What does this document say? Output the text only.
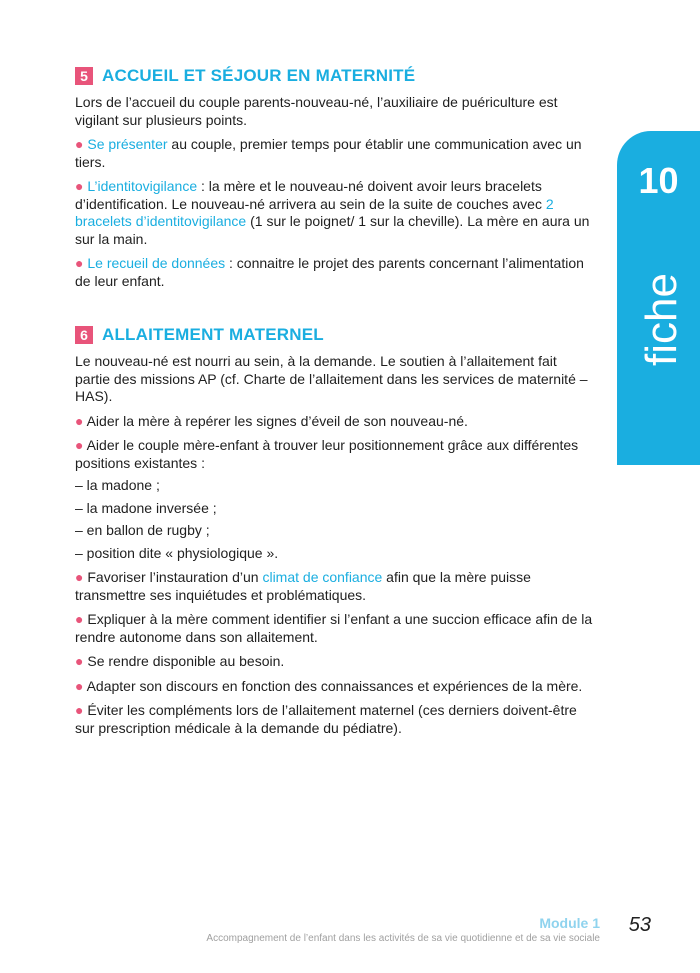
5 ACCUEIL ET SÉJOUR EN MATERNITÉ

Lors de l’accueil du couple parents-nouveau-né, l’auxiliaire de puériculture est vigilant sur plusieurs points.

● Se présenter au couple, premier temps pour établir une communication avec un tiers.

● L’identitovigilance : la mère et le nouveau-né doivent avoir leurs bracelets d’identification. Le nouveau-né arrivera au sein de la suite de couches avec 2 bracelets d’identitovigilance (1 sur le poignet/ 1 sur la cheville). La mère en aura un sur la main.

● Le recueil de données : connaitre le projet des parents concernant l’alimentation de leur enfant.

6 ALLAITEMENT MATERNEL

Le nouveau-né est nourri au sein, à la demande. Le soutien à l’allaitement fait partie des missions AP (cf. Charte de l’allaitement dans les services de maternité – HAS).

● Aider la mère à repérer les signes d’éveil de son nouveau-né.

● Aider le couple mère-enfant à trouver leur positionnement grâce aux différentes positions existantes :

– la madone ;

– la madone inversée ;

– en ballon de rugby ;

– position dite « physiologique ».

● Favoriser l’instauration d’un climat de confiance afin que la mère puisse transmettre ses inquiétudes et problématiques.

● Expliquer à la mère comment identifier si l’enfant a une succion efficace afin de la rendre autonome dans son allaitement.

● Se rendre disponible au besoin.

● Adapter son discours en fonction des connaissances et expériences de la mère.

● Éviter les compléments lors de l’allaitement maternel (ces derniers doivent-être sur prescription médicale à la demande du pédiatre).

10
fiche
Module 1
Accompagnement de l’enfant dans les activités de sa vie quotidienne et de sa vie sociale
53
